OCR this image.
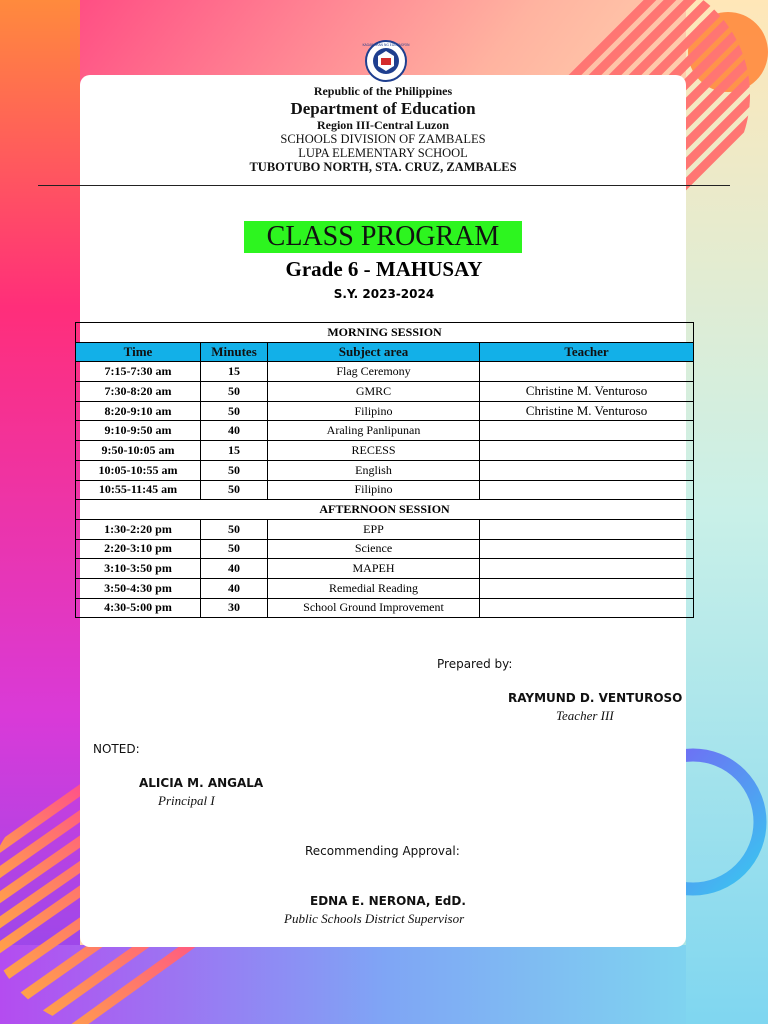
KAGAWARAN NG EDUKASYON
Republic of the Philippines
Department of Education
Region III-Central Luzon
SCHOOLS DIVISION OF ZAMBALES
LUPA ELEMENTARY SCHOOL
TUBOTUBO NORTH, STA. CRUZ, ZAMBALES
CLASS PROGRAM
Grade 6 - MAHUSAY
S.Y. 2023-2024
MORNING SESSION			
Time	Minutes	Subject area	Teacher
7:15-7:30 am	15	Flag Ceremony	
7:30-8:20 am	50	GMRC	Christine M. Venturoso
8:20-9:10 am	50	Filipino	Christine M. Venturoso
9:10-9:50 am	40	Araling Panlipunan	
9:50-10:05 am	15	RECESS	
10:05-10:55 am	50	English	
10:55-11:45 am	50	Filipino	
AFTERNOON SESSION			
1:30-2:20 pm	50	EPP	
2:20-3:10 pm	50	Science	
3:10-3:50 pm	40	MAPEH	
3:50-4:30 pm	40	Remedial Reading	
4:30-5:00 pm	30	School Ground Improvement	
Prepared by:
RAYMUND D. VENTUROSO
Teacher III
NOTED:
ALICIA M. ANGALA
Principal I
Recommending Approval:
EDNA E. NERONA, EdD.
Public Schools District Supervisor
